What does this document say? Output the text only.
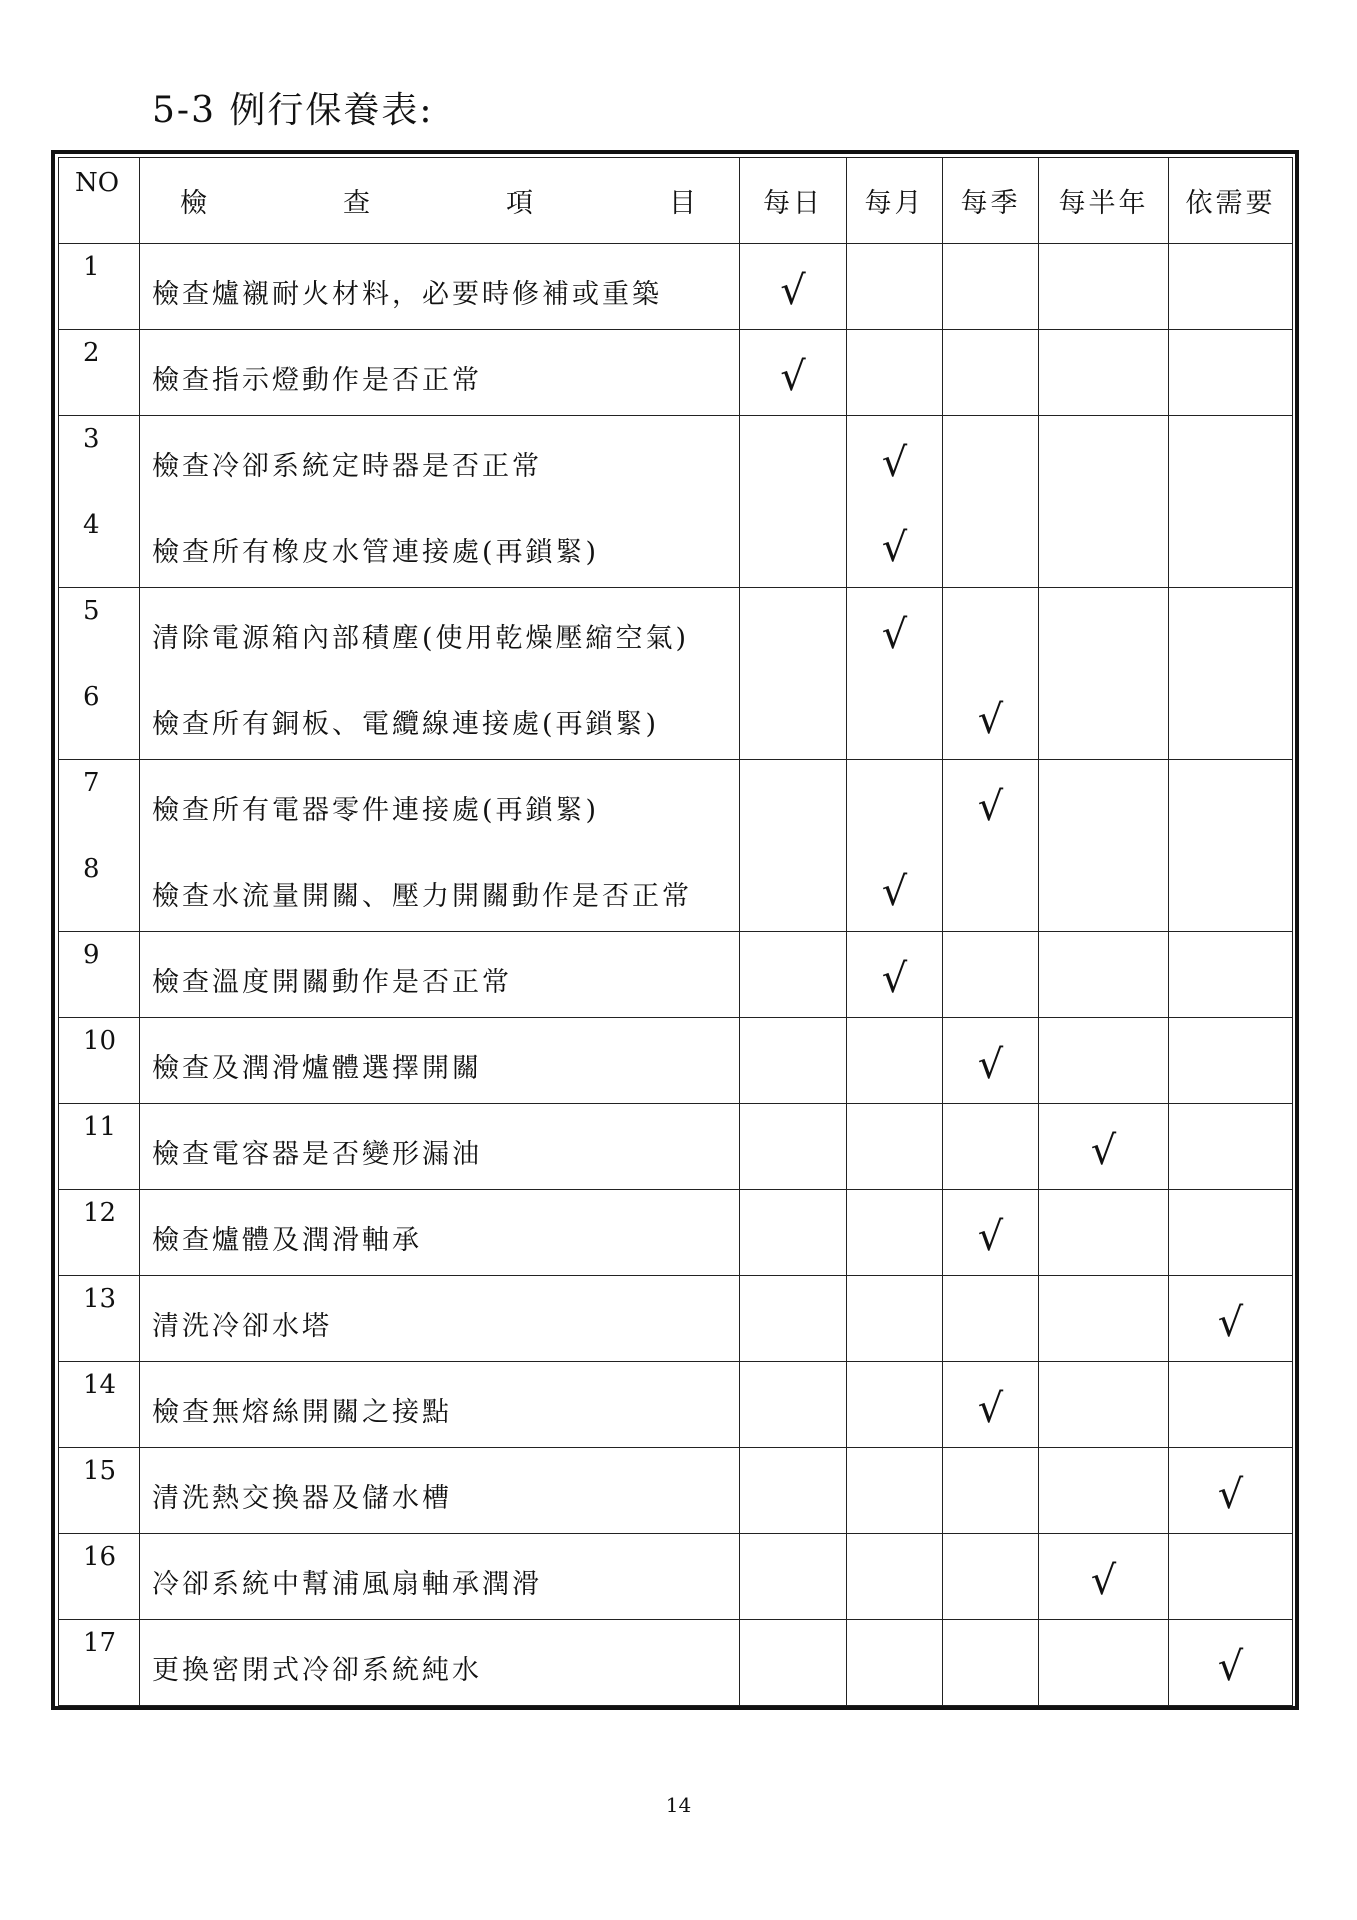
5-3 例行保養表:
NO	檢 查 項 目	每日	每月	每季	每半年	依需要
1	檢查爐襯耐火材料，必要時修補或重築	√				
2	檢查指示燈動作是否正常	√				
3	檢查冷卻系統定時器是否正常		√			
4	檢查所有橡皮水管連接處(再鎖緊)		√			
5	清除電源箱內部積塵(使用乾燥壓縮空氣)		√			
6	檢查所有銅板、電纜線連接處(再鎖緊)			√		
7	檢查所有電器零件連接處(再鎖緊)			√		
8	檢查水流量開關、壓力開關動作是否正常		√			
9	檢查溫度開關動作是否正常		√			
10	檢查及潤滑爐體選擇開關			√		
11	檢查電容器是否變形漏油				√	
12	檢查爐體及潤滑軸承			√		
13	清洗冷卻水塔					√
14	檢查無熔絲開關之接點			√		
15	清洗熱交換器及儲水槽					√
16	冷卻系統中幫浦風扇軸承潤滑				√	
17	更換密閉式冷卻系統純水					√
14
